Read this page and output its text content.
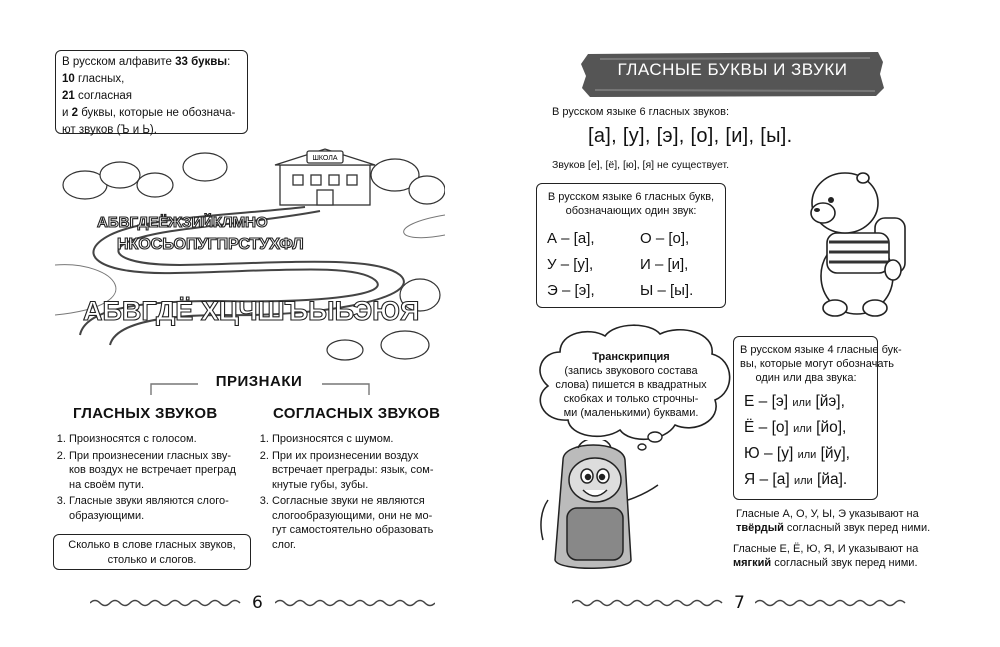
В русском алфавите 33 буквы:
10 гласных,
21 согласная
и 2 буквы, которые не обознача-
ют звуков (Ъ и Ь).
ШКОЛА
АБВГДЕЁЖЗИЙКЛМНО
НКОСЬОПУГПРСТУХФЛ
АБВГДЁ ХЦЧШЪЫЬЭЮЯ
ПРИЗНАКИ
ГЛАСНЫХ ЗВУКОВ	СОГЛАСНЫХ ЗВУКОВ
1. Произносятся с голосом.
2. При произнесении гласных зву-
ков воздух не встречает преград
на своём пути.
3. Гласные звуки являются слого-
образующими.
1. Произносятся с шумом.
2. При их произнесении воздух
встречает преграды: язык, сом-
кнутые губы, зубы.
3. Согласные звуки не являются
слогообразующими, они не мо-
гут самостоятельно образовать
слог.
Сколько в слове гласных звуков,
столько и слогов.
6
ГЛАСНЫЕ БУКВЫ И ЗВУКИ
В русском языке 6 гласных звуков:
[а], [у], [э], [о], [и], [ы].
Звуков [е], [ё], [ю], [я] не существует.
В русском языке 6 гласных букв,
обозначающих один звук:
А – [а],	О – [о],
У – [у],	И – [и],
Э – [э],	Ы – [ы].
Транскрипция
(запись звукового состава
слова) пишется в квадратных
скобках и только строчны-
ми (маленькими) буквами.
В русском языке 4 гласные бук-
вы, которые могут обозначать
один или два звука:
Е – [э] или [йэ],
Ё – [о] или [йо],
Ю – [у] или [йу],
Я – [а] или [йа].
Гласные А, О, У, Ы, Э указывают на
твёрдый согласный звук перед ними.
Гласные Е, Ё, Ю, Я, И указывают на
мягкий согласный звук перед ними.
7
